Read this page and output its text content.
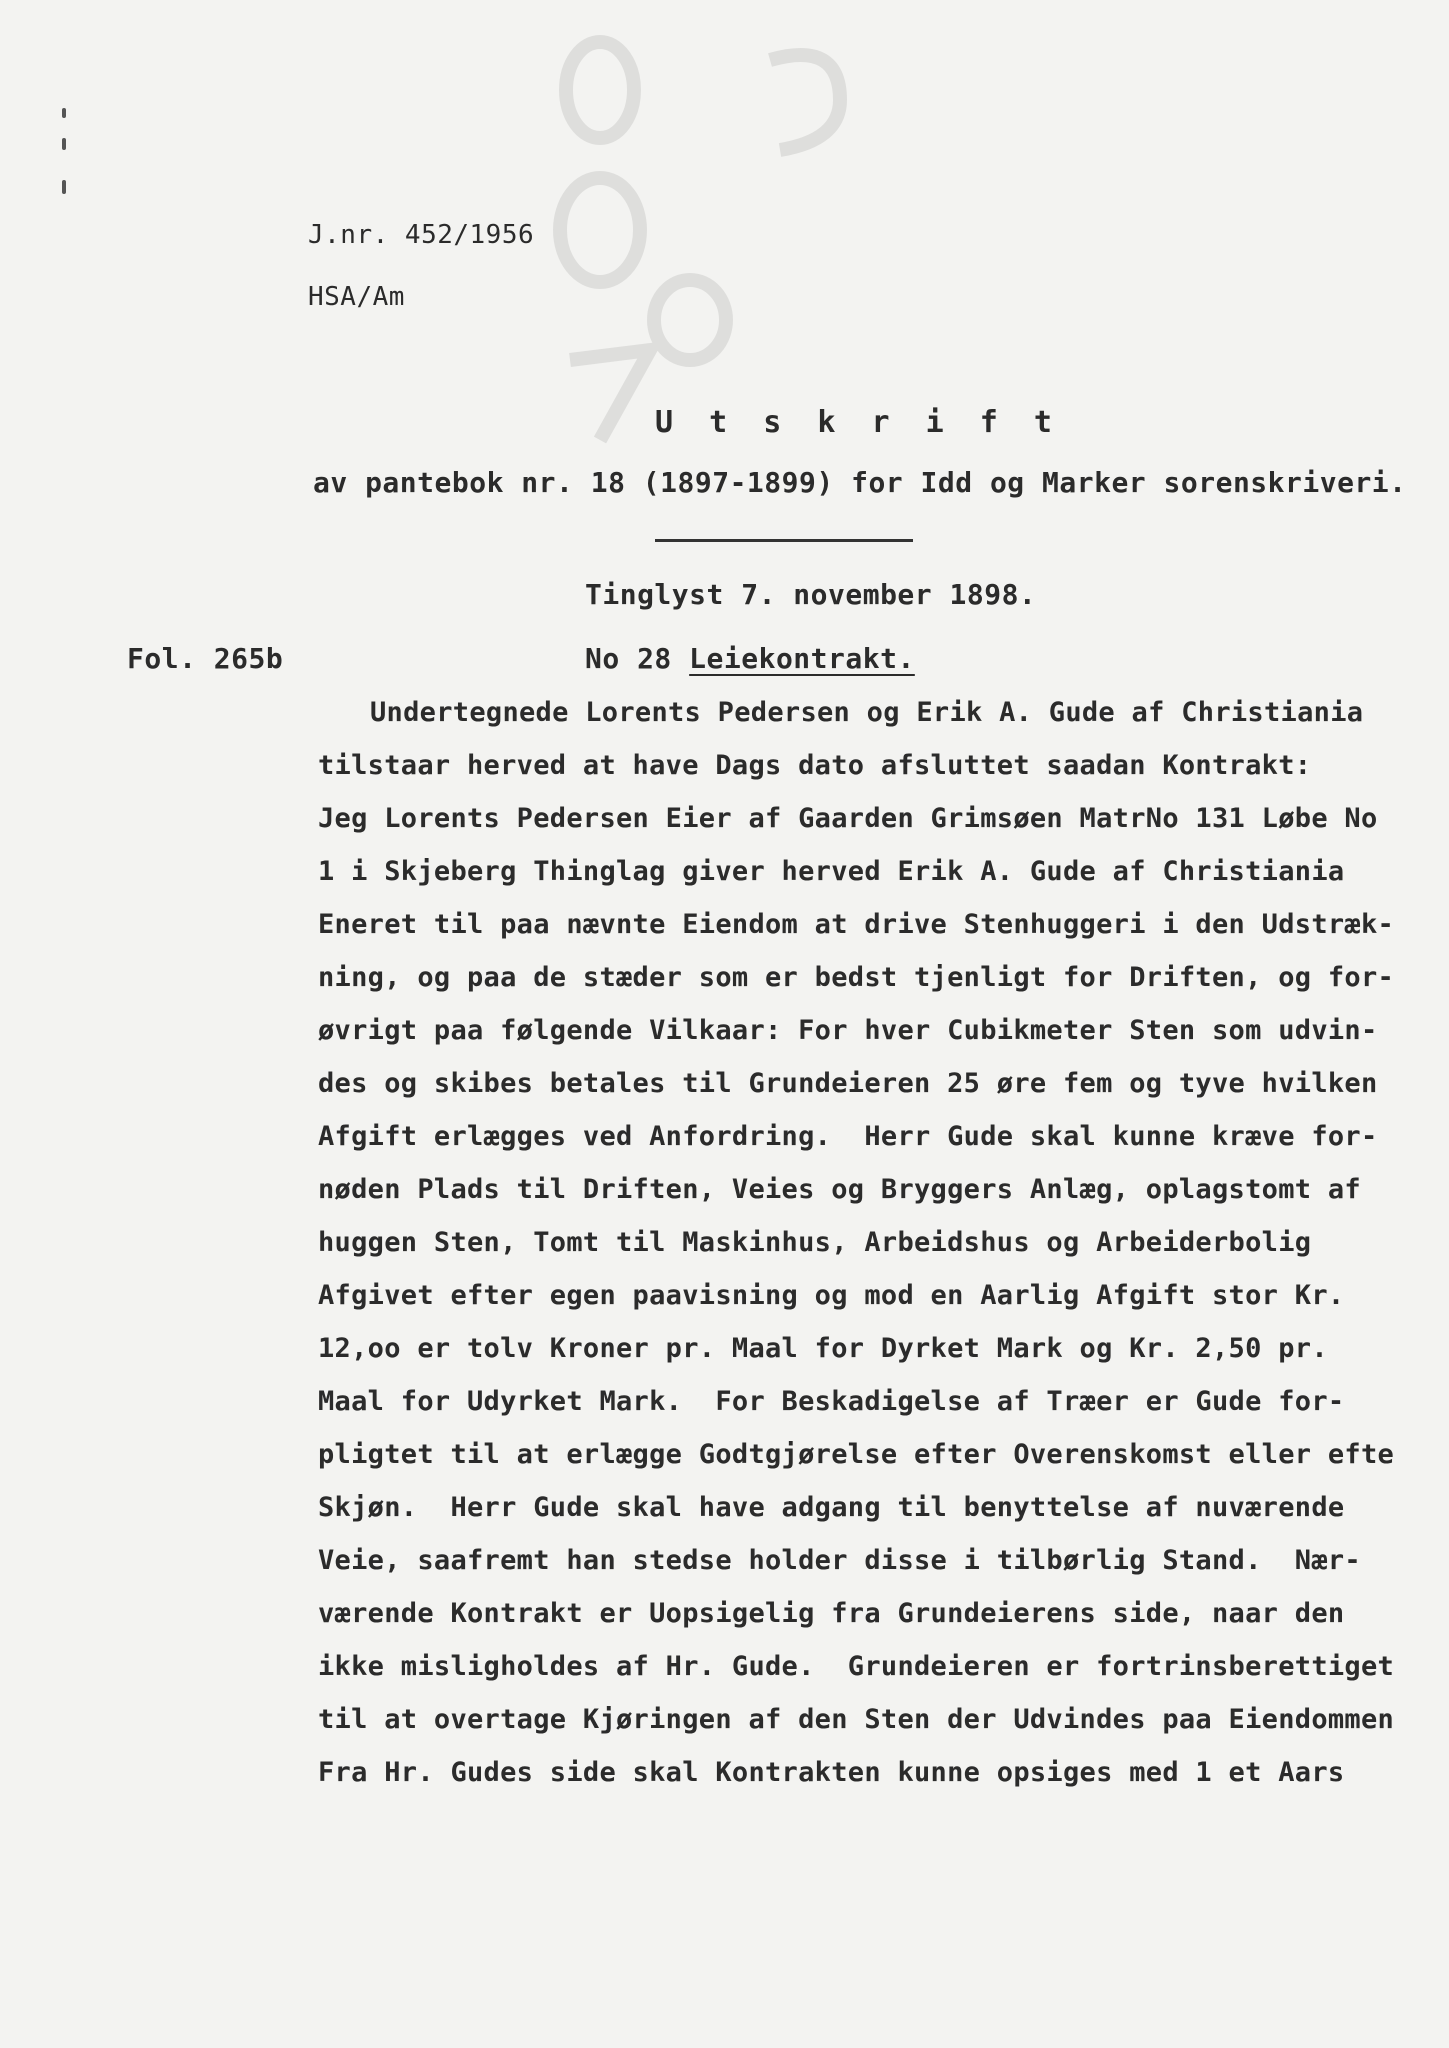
J.nr. 452/1956
HSA/Am
U t s k r i f t
av pantebok nr. 18 (1897-1899) for Idd og Marker sorenskriveri.
Tinglyst 7. november 1898.
Fol. 265b	No 28 Leiekontrakt.
Undertegnede Lorents Pedersen og Erik A. Gude af Christiania
tilstaar herved at have Dags dato afsluttet saadan Kontrakt:
Jeg Lorents Pedersen Eier af Gaarden Grimsøen MatrNo 131 Løbe No
1 i Skjeberg Thinglag giver herved Erik A. Gude af Christiania
Eneret til paa nævnte Eiendom at drive Stenhuggeri i den Udstræk-
ning, og paa de stæder som er bedst tjenligt for Driften, og for-
øvrigt paa følgende Vilkaar: For hver Cubikmeter Sten som udvin-
des og skibes betales til Grundeieren 25 øre fem og tyve hvilken
Afgift erlægges ved Anfordring.  Herr Gude skal kunne kræve for-
nøden Plads til Driften, Veies og Bryggers Anlæg, oplagstomt af
huggen Sten, Tomt til Maskinhus, Arbeidshus og Arbeiderbolig
Afgivet efter egen paavisning og mod en Aarlig Afgift stor Kr.
12,oo er tolv Kroner pr. Maal for Dyrket Mark og Kr. 2,50 pr.
Maal for Udyrket Mark.  For Beskadigelse af Træer er Gude for-
pligtet til at erlægge Godtgjørelse efter Overenskomst eller efte
Skjøn.  Herr Gude skal have adgang til benyttelse af nuværende
Veie, saafremt han stedse holder disse i tilbørlig Stand.  Nær-
værende Kontrakt er Uopsigelig fra Grundeierens side, naar den
ikke misligholdes af Hr. Gude.  Grundeieren er fortrinsberettiget
til at overtage Kjøringen af den Sten der Udvindes paa Eiendommen
Fra Hr. Gudes side skal Kontrakten kunne opsiges med 1 et Aars
